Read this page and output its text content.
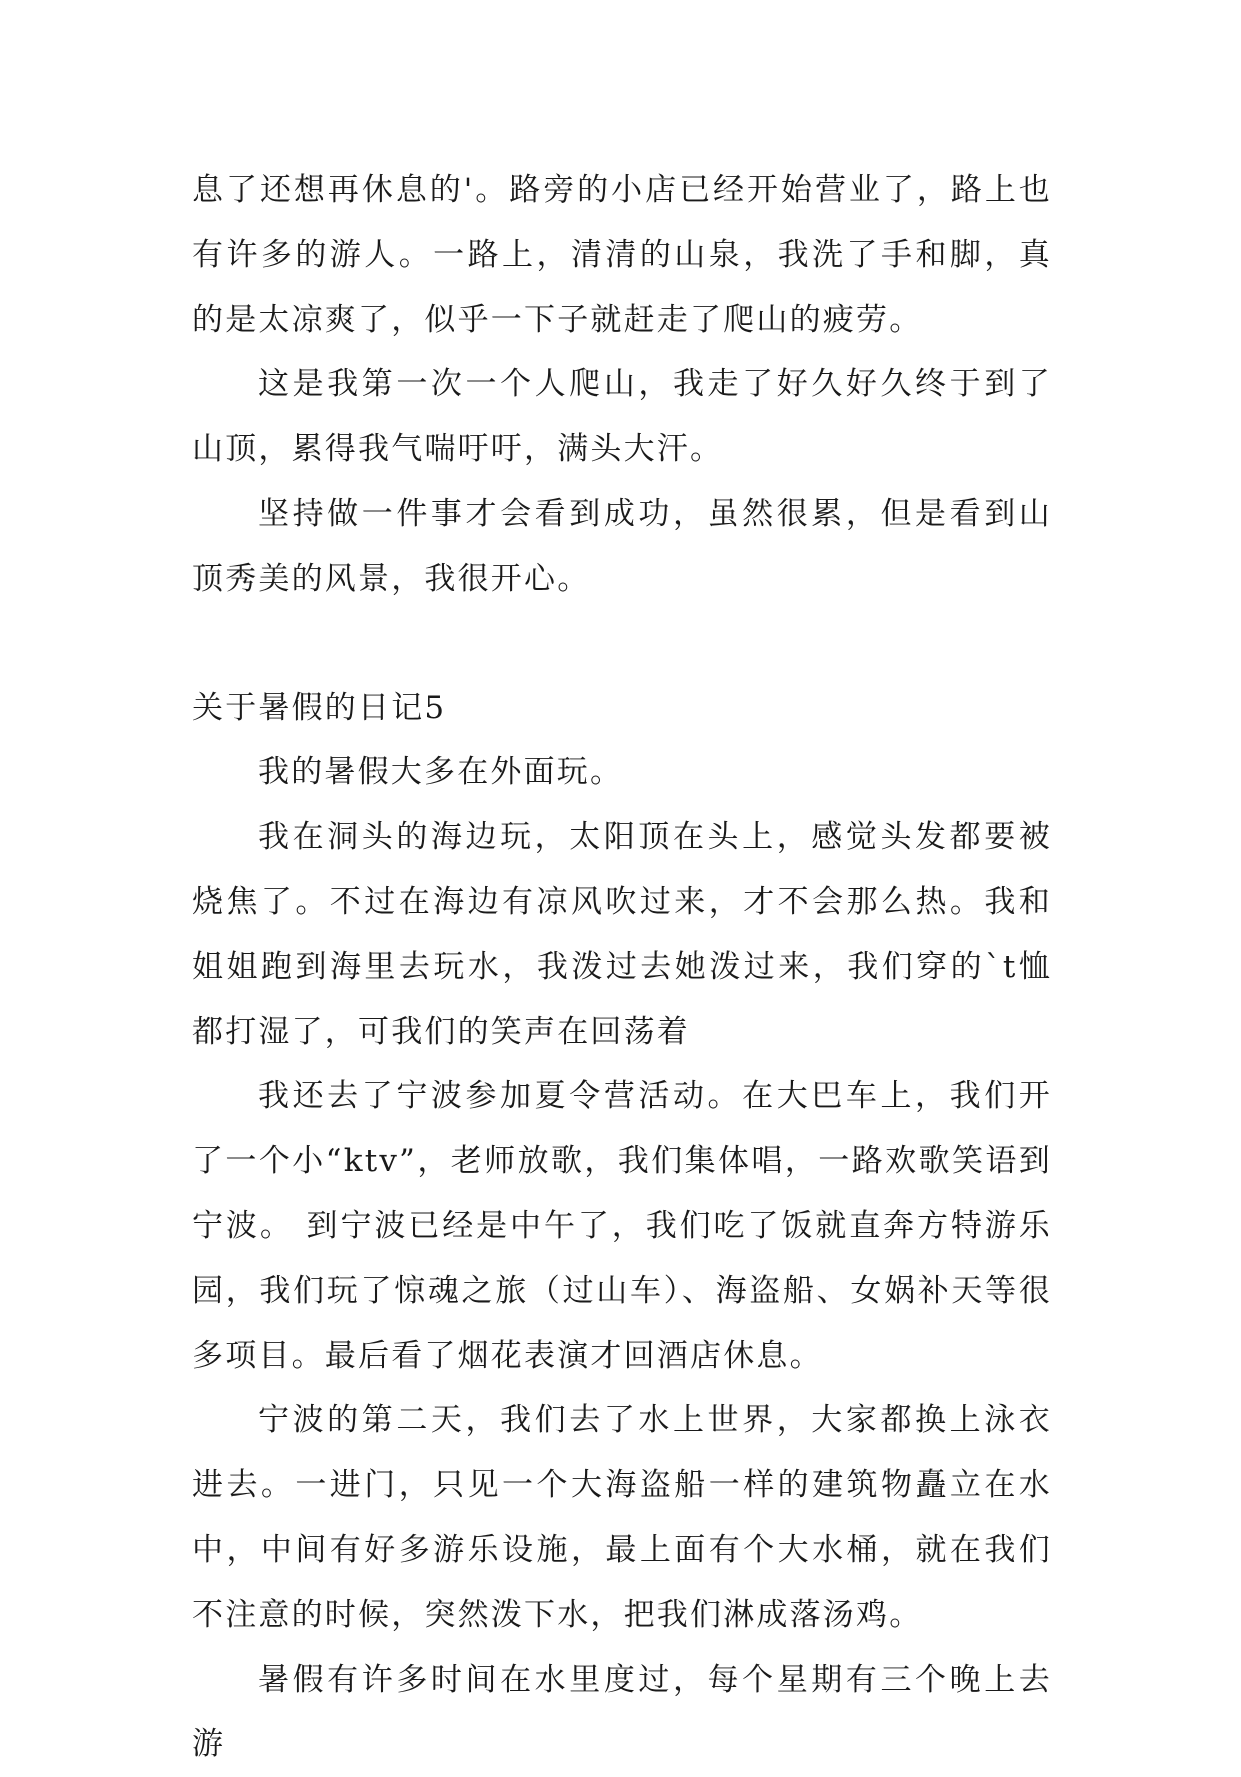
息了还想再休息的'。路旁的小店已经开始营业了，路上也有许多的游人。一路上，清清的山泉，我洗了手和脚，真的是太凉爽了，似乎一下子就赶走了爬山的疲劳。

这是我第一次一个人爬山，我走了好久好久终于到了山顶，累得我气喘吁吁，满头大汗。

坚持做一件事才会看到成功，虽然很累，但是看到山顶秀美的风景，我很开心。

关于暑假的日记5

我的暑假大多在外面玩。

我在洞头的海边玩，太阳顶在头上，感觉头发都要被烧焦了。不过在海边有凉风吹过来，才不会那么热。我和姐姐跑到海里去玩水，我泼过去她泼过来，我们穿的`t恤都打湿了，可我们的笑声在回荡着

我还去了宁波参加夏令营活动。在大巴车上，我们开了一个小“ktv”，老师放歌，我们集体唱，一路欢歌笑语到宁波。 到宁波已经是中午了，我们吃了饭就直奔方特游乐园，我们玩了惊魂之旅（过山车）、海盗船、女娲补天等很多项目。最后看了烟花表演才回酒店休息。

宁波的第二天，我们去了水上世界，大家都换上泳衣进去。一进门，只见一个大海盗船一样的建筑物矗立在水中，中间有好多游乐设施，最上面有个大水桶，就在我们不注意的时候，突然泼下水，把我们淋成落汤鸡。

暑假有许多时间在水里度过，每个星期有三个晚上去游
